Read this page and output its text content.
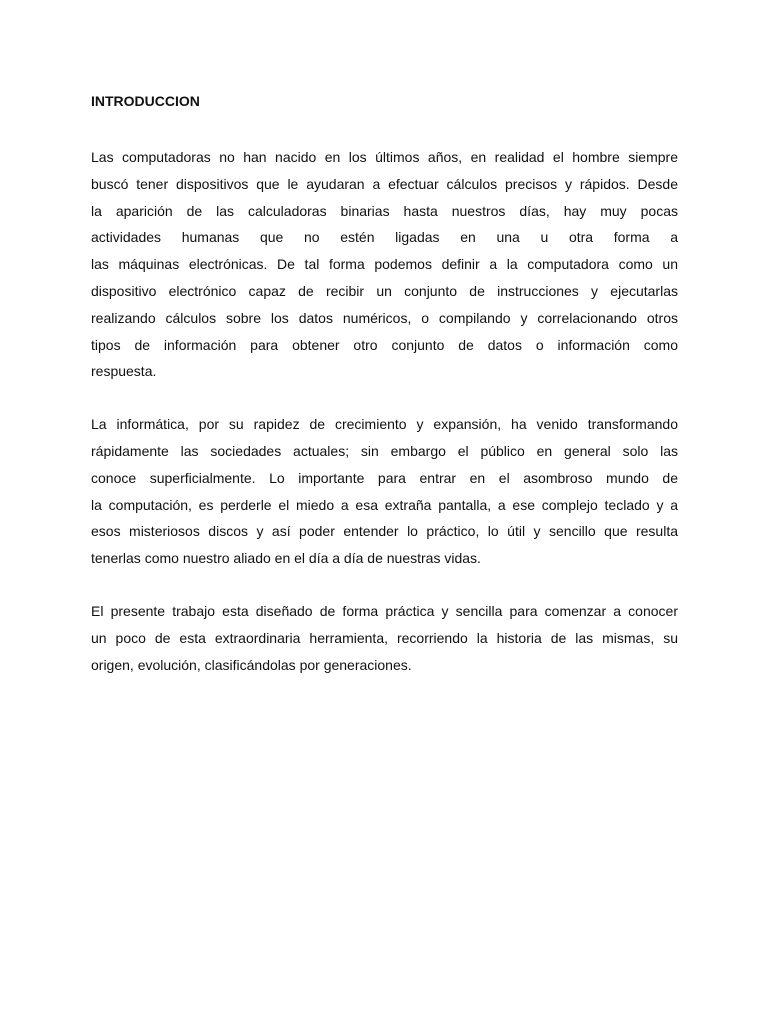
INTRODUCCION
Las computadoras no han nacido en los últimos años, en realidad el hombre siempre
buscó tener dispositivos que le ayudaran a efectuar cálculos precisos y rápidos. Desde
la aparición de las calculadoras binarias hasta nuestros días, hay muy pocas
actividades humanas que no estén ligadas en una u otra forma a
las máquinas electrónicas. De tal forma podemos definir a la computadora como un
dispositivo electrónico capaz de recibir un conjunto de instrucciones y ejecutarlas
realizando cálculos sobre los datos numéricos, o compilando y correlacionando otros
tipos de información para obtener otro conjunto de datos o información como
respuesta.
La informática, por su rapidez de crecimiento y expansión, ha venido transformando
rápidamente las sociedades actuales; sin embargo el público en general solo las
conoce superficialmente. Lo importante para entrar en el asombroso mundo de
la computación, es perderle el miedo a esa extraña pantalla, a ese complejo teclado y a
esos misteriosos discos y así poder entender lo práctico, lo útil y sencillo que resulta
tenerlas como nuestro aliado en el día a día de nuestras vidas.
El presente trabajo esta diseñado de forma práctica y sencilla para comenzar a conocer
un poco de esta extraordinaria herramienta, recorriendo la historia de las mismas, su
origen, evolución, clasificándolas por generaciones.
